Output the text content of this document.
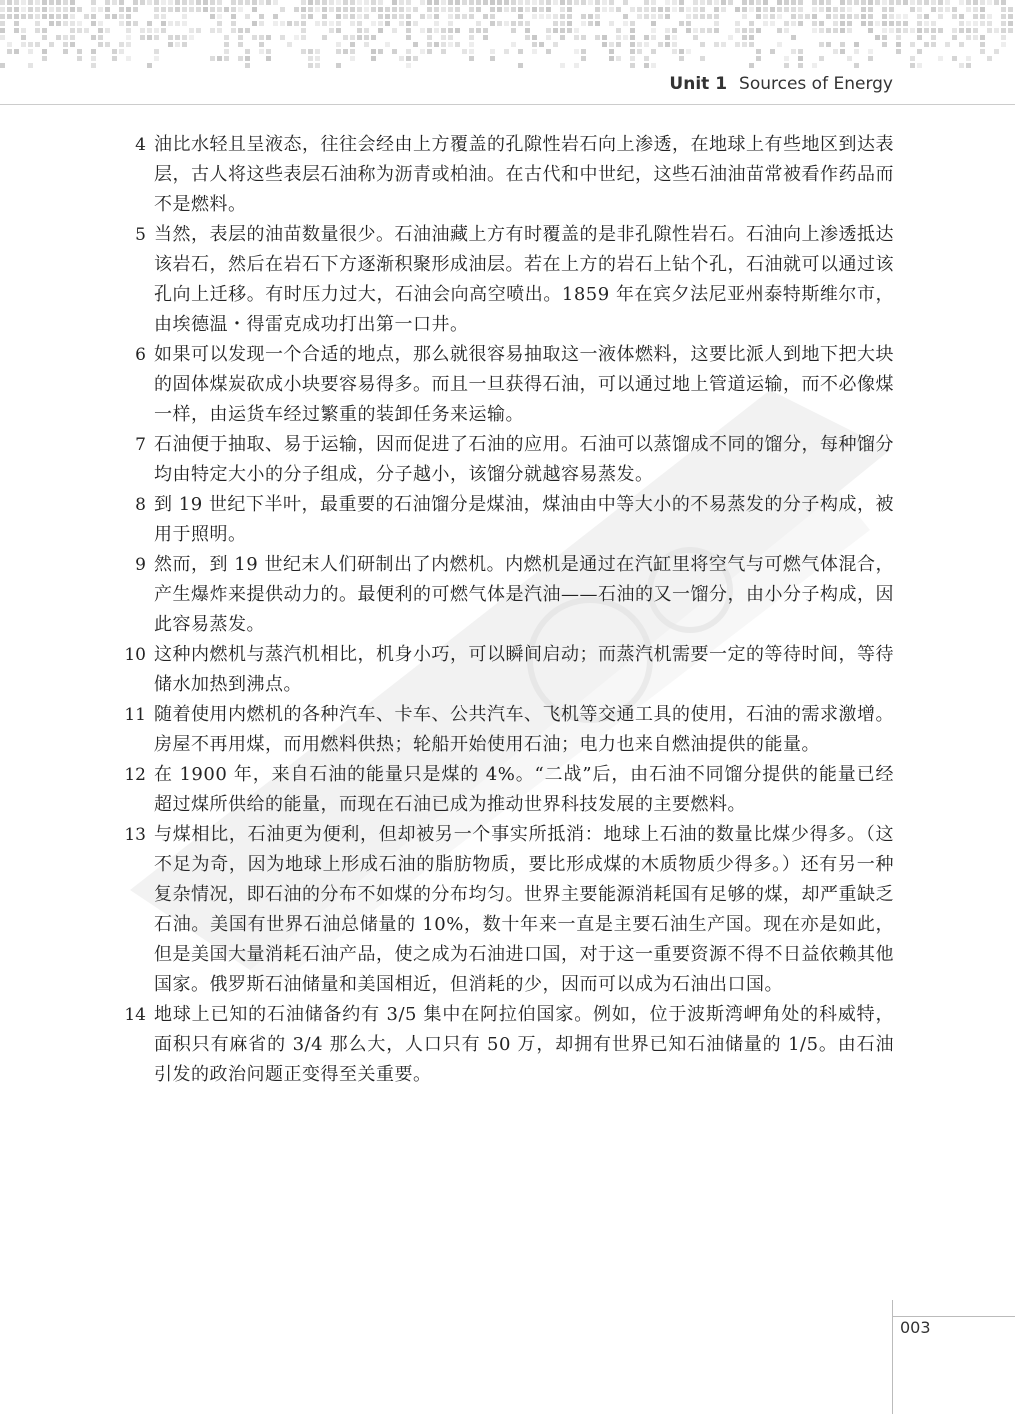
Unit 1 Sources of Energy
4 油比水轻且呈液态，往往会经由上方覆盖的孔隙性岩石向上渗透，在地球上有些地区到达表层，古人将这些表层石油称为沥青或柏油。在古代和中世纪，这些石油油苗常被看作药品而不是燃料。
5 当然，表层的油苗数量很少。石油油藏上方有时覆盖的是非孔隙性岩石。石油向上渗透抵达该岩石，然后在岩石下方逐渐积聚形成油层。若在上方的岩石上钻个孔，石油就可以通过该孔向上迁移。有时压力过大，石油会向高空喷出。1859 年在宾夕法尼亚州泰特斯维尔市，由埃德温・得雷克成功打出第一口井。
6 如果可以发现一个合适的地点，那么就很容易抽取这一液体燃料，这要比派人到地下把大块的固体煤炭砍成小块要容易得多。而且一旦获得石油，可以通过地上管道运输，而不必像煤一样，由运货车经过繁重的装卸任务来运输。
7 石油便于抽取、易于运输，因而促进了石油的应用。石油可以蒸馏成不同的馏分，每种馏分均由特定大小的分子组成，分子越小，该馏分就越容易蒸发。
8 到 19 世纪下半叶，最重要的石油馏分是煤油，煤油由中等大小的不易蒸发的分子构成，被用于照明。
9 然而，到 19 世纪末人们研制出了内燃机。内燃机是通过在汽缸里将空气与可燃气体混合，产生爆炸来提供动力的。最便利的可燃气体是汽油——石油的又一馏分，由小分子构成，因此容易蒸发。
10 这种内燃机与蒸汽机相比，机身小巧，可以瞬间启动；而蒸汽机需要一定的等待时间，等待储水加热到沸点。
11 随着使用内燃机的各种汽车、卡车、公共汽车、飞机等交通工具的使用，石油的需求激增。房屋不再用煤，而用燃料供热；轮船开始使用石油；电力也来自燃油提供的能量。
12 在 1900 年，来自石油的能量只是煤的 4%。“二战”后，由石油不同馏分提供的能量已经超过煤所供给的能量，而现在石油已成为推动世界科技发展的主要燃料。
13 与煤相比，石油更为便利，但却被另一个事实所抵消：地球上石油的数量比煤少得多。（这不足为奇，因为地球上形成石油的脂肪物质，要比形成煤的木质物质少得多。）还有另一种复杂情况，即石油的分布不如煤的分布均匀。世界主要能源消耗国有足够的煤，却严重缺乏石油。美国有世界石油总储量的 10%，数十年来一直是主要石油生产国。现在亦是如此，但是美国大量消耗石油产品，使之成为石油进口国，对于这一重要资源不得不日益依赖其他国家。俄罗斯石油储量和美国相近，但消耗的少，因而可以成为石油出口国。
14 地球上已知的石油储备约有 3/5 集中在阿拉伯国家。例如，位于波斯湾岬角处的科威特，面积只有麻省的 3/4 那么大，人口只有 50 万，却拥有世界已知石油储量的 1/5。由石油引发的政治问题正变得至关重要。
003
